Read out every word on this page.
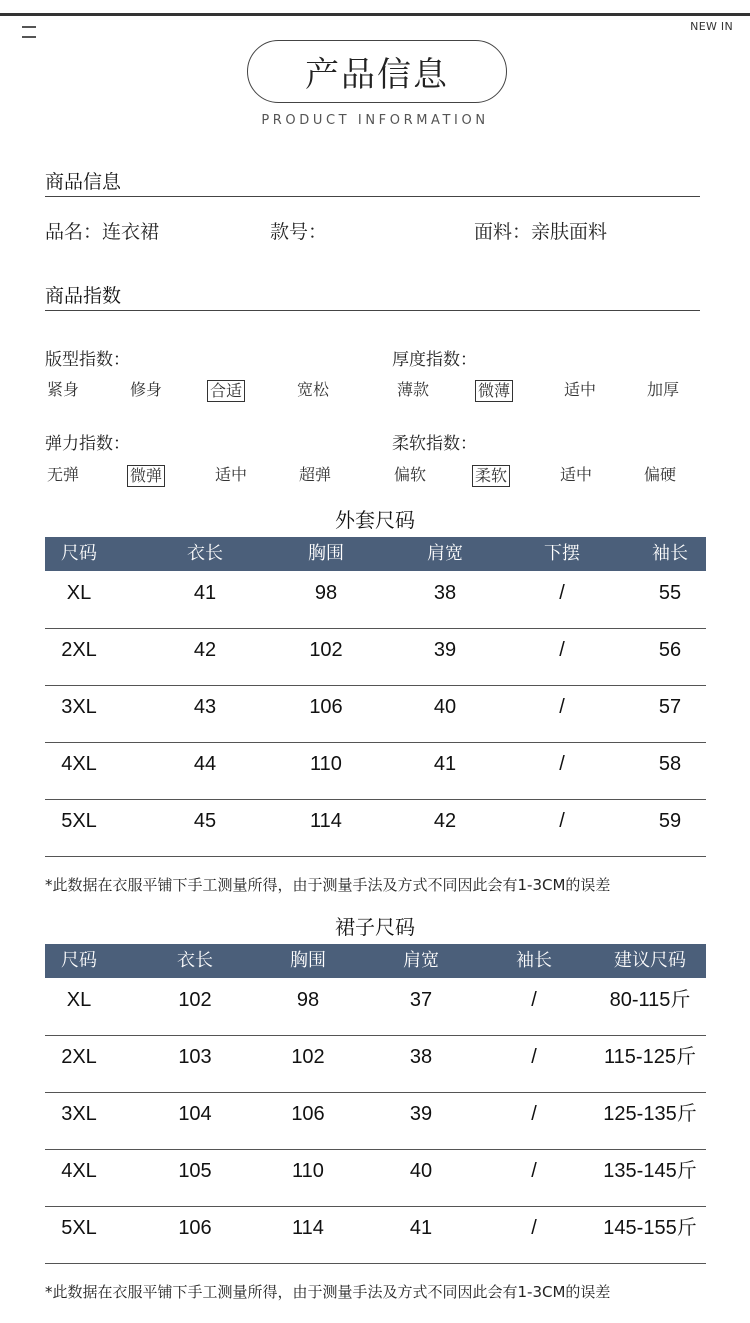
NEW IN
产品信息
PRODUCT INFORMATION
商品信息
品名：连衣裙	款号：	面料：亲肤面料
商品指数
版型指数：
紧身	修身	合适	宽松
厚度指数：
薄款	微薄	适中	加厚
弹力指数：
无弹	微弹	适中	超弹
柔软指数：
偏软	柔软	适中	偏硬
外套尺码
尺码	衣长	胸围	肩宽	下摆	袖长
XL	41	98	38	/	55
2XL	42	102	39	/	56
3XL	43	106	40	/	57
4XL	44	110	41	/	58
5XL	45	114	42	/	59
*此数据在衣服平铺下手工测量所得，由于测量手法及方式不同因此会有1-3CM的误差
裙子尺码
尺码	衣长	胸围	肩宽	袖长	建议尺码
XL	102	98	37	/	80-115斤
2XL	103	102	38	/	115-125斤
3XL	104	106	39	/	125-135斤
4XL	105	110	40	/	135-145斤
5XL	106	114	41	/	145-155斤
*此数据在衣服平铺下手工测量所得，由于测量手法及方式不同因此会有1-3CM的误差
